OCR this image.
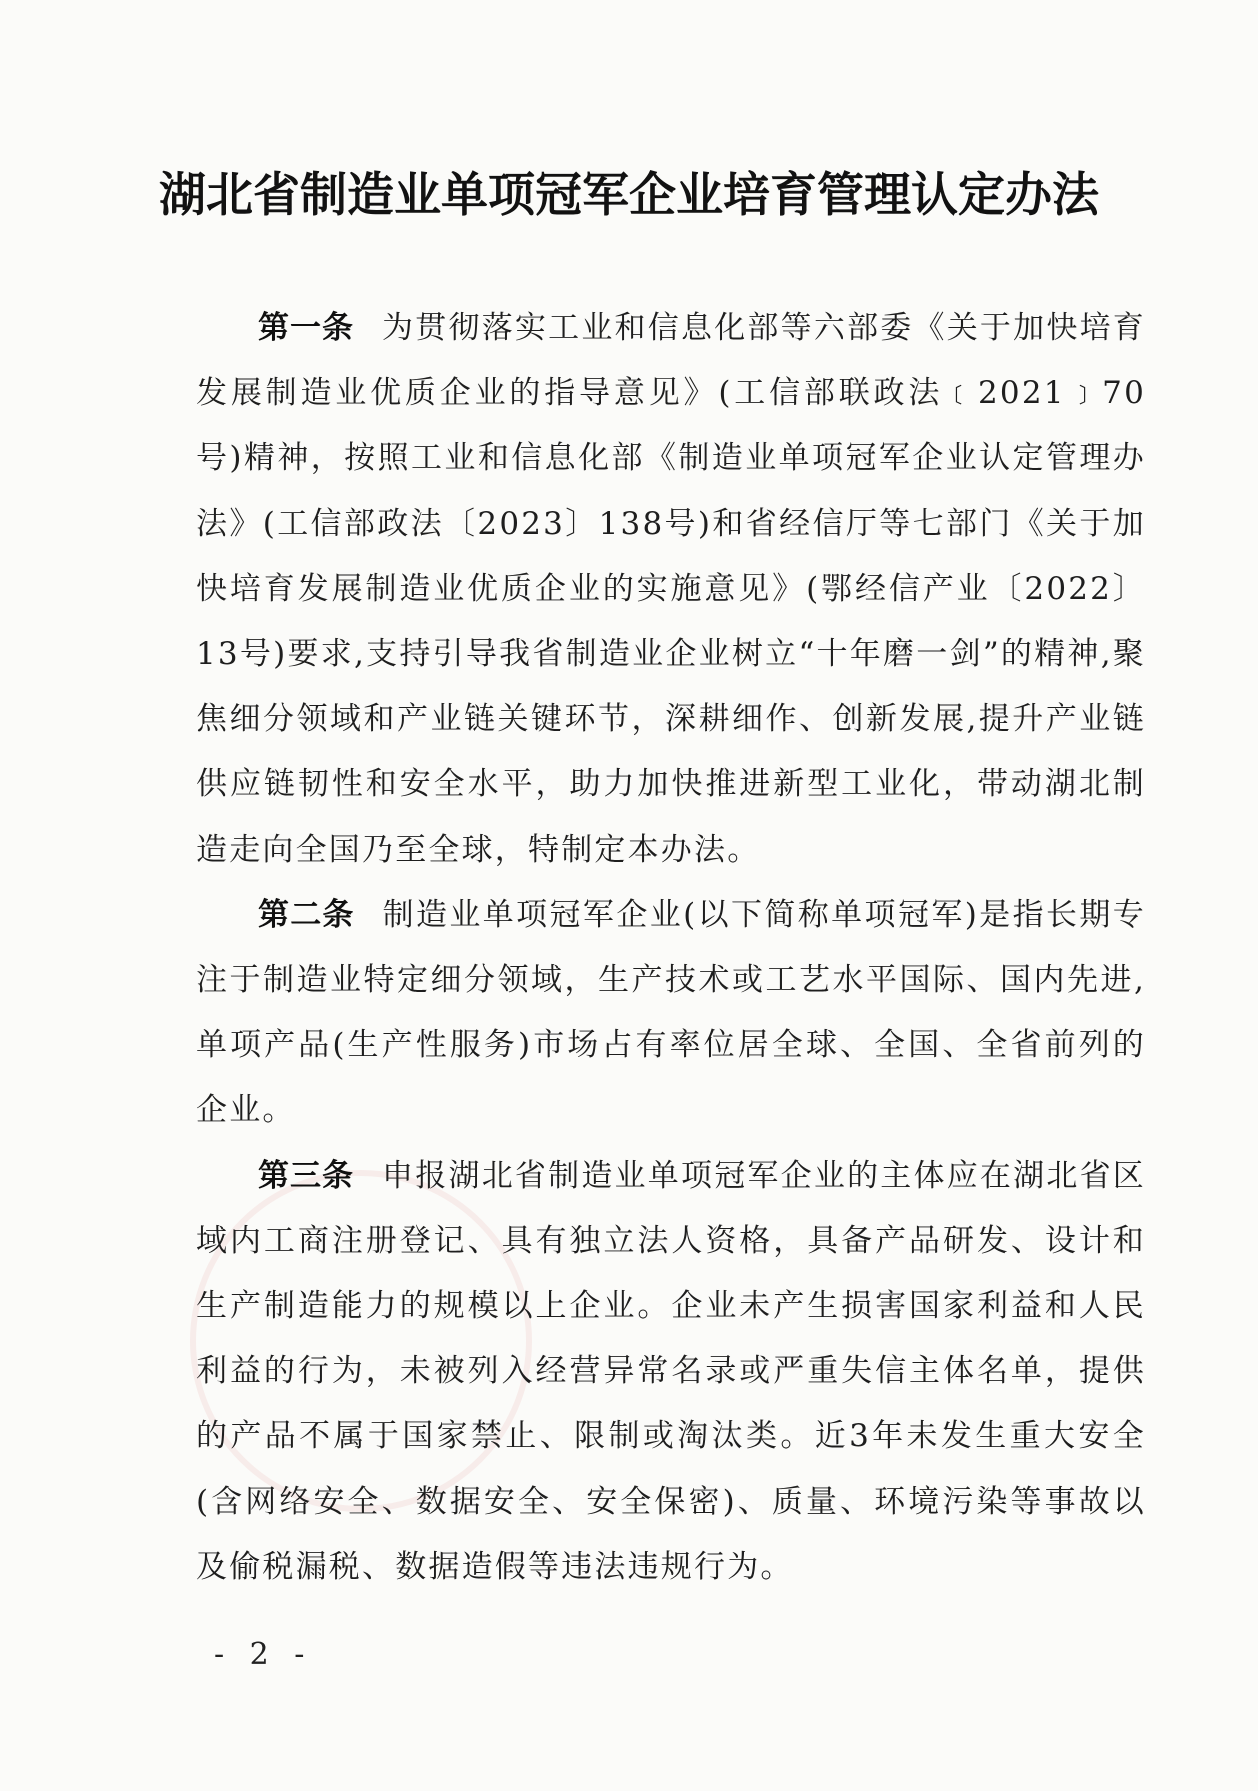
湖北省制造业单项冠军企业培育管理认定办法

第一条 为贯彻落实工业和信息化部等六部委《关于加快培育发展制造业优质企业的指导意见》(工信部联政法﹝2021﹞70号)精神，按照工业和信息化部《制造业单项冠军企业认定管理办法》(工信部政法〔2023〕138号)和省经信厅等七部门《关于加快培育发展制造业优质企业的实施意见》(鄂经信产业〔2022〕13号)要求,支持引导我省制造业企业树立“十年磨一剑”的精神,聚焦细分领域和产业链关键环节，深耕细作、创新发展,提升产业链供应链韧性和安全水平，助力加快推进新型工业化，带动湖北制造走向全国乃至全球，特制定本办法。

第二条 制造业单项冠军企业(以下简称单项冠军)是指长期专注于制造业特定细分领域，生产技术或工艺水平国际、国内先进,单项产品(生产性服务)市场占有率位居全球、全国、全省前列的企业。

第三条 申报湖北省制造业单项冠军企业的主体应在湖北省区域内工商注册登记、具有独立法人资格，具备产品研发、设计和生产制造能力的规模以上企业。企业未产生损害国家利益和人民利益的行为，未被列入经营异常名录或严重失信主体名单，提供的产品不属于国家禁止、限制或淘汰类。近3年未发生重大安全(含网络安全、数据安全、安全保密)、质量、环境污染等事故以及偷税漏税、数据造假等违法违规行为。

- 2 -
